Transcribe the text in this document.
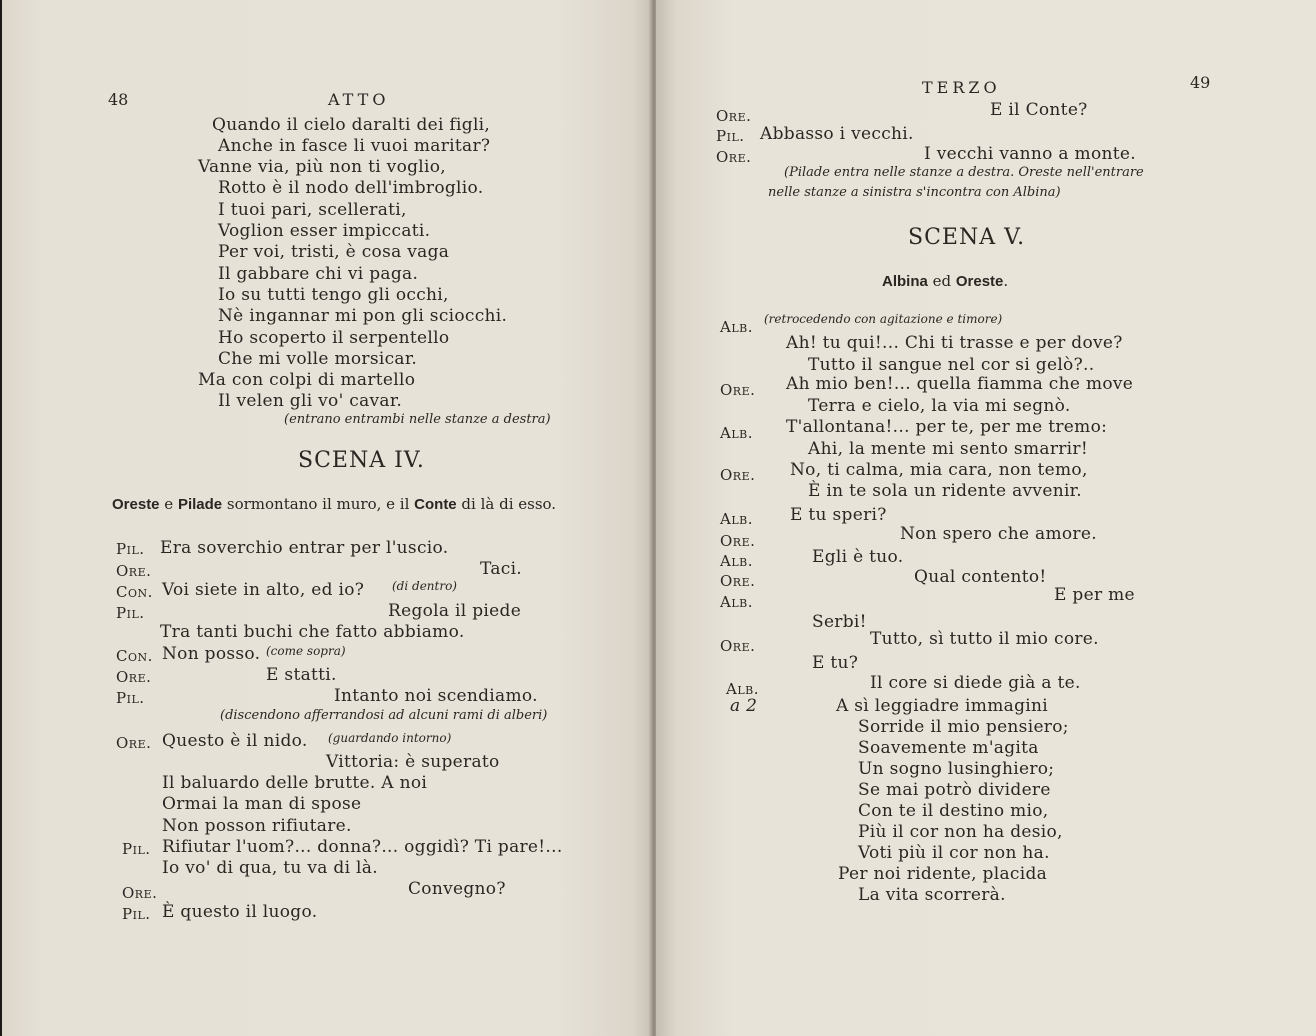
48	ATTO
Quando il cielo daralti dei figli,
Anche in fasce li vuoi maritar?
Vanne via, più non ti voglio,
Rotto è il nodo dell'imbroglio.
I tuoi pari, scellerati,
Voglion esser impiccati.
Per voi, tristi, è cosa vaga
Il gabbare chi vi paga.
Io su tutti tengo gli occhi,
Nè ingannar mi pon gli sciocchi.
Ho scoperto il serpentello
Che mi volle morsicar.
Ma con colpi di martello
Il velen gli vo' cavar.
(entrano entrambi nelle stanze a destra)
SCENA IV.
Oreste e Pilade sormontano il muro, e il Conte di là di esso.
Pil. Era soverchio entrar per l'uscio.
Ore.	Taci.
Con. Voi siete in alto, ed io? (di dentro)
Pil.	Regola il piede
Tra tanti buchi che fatto abbiamo.
Con. Non posso. (come sopra)
Ore.	E statti.
Pil.	Intanto noi scendiamo.
(discendono afferrandosi ad alcuni rami di alberi)
Ore. Questo è il nido. (guardando intorno)
Vittoria: è superato
Il baluardo delle brutte. A noi
Ormai la man di spose
Non posson rifiutare.
Pil. Rifiutar l'uom?... donna?... oggidì? Ti pare!...
Io vo' di qua, tu va di là.
Ore.	Convegno?
Pil. È questo il luogo.
TERZO	49
Ore.	E il Conte?
Pil. Abbasso i vecchi.
Ore.	I vecchi vanno a monte.
(Pilade entra nelle stanze a destra. Oreste nell'entrare
nelle stanze a sinistra s'incontra con Albina)
SCENA V.
Albina ed Oreste.
Alb. (retrocedendo con agitazione e timore)
Ah! tu qui!... Chi ti trasse e per dove?
Tutto il sangue nel cor si gelò?..
Ore. Ah mio ben!... quella fiamma che move
Terra e cielo, la via mi segnò.
Alb. T'allontana!... per te, per me tremo:
Ahi, la mente mi sento smarrir!
Ore. No, ti calma, mia cara, non temo,
È in te sola un ridente avvenir.
Alb. E tu speri?
Ore.	Non spero che amore.
Alb.	Egli è tuo.
Ore.	Qual contento!
Alb.	E per me
Serbi!
Ore.	Tutto, sì tutto il mio core.
E tu?
Alb.	Il core si diede già a te.
a 2	A sì leggiadre immagini
Sorride il mio pensiero;
Soavemente m'agita
Un sogno lusinghiero;
Se mai potrò dividere
Con te il destino mio,
Più il cor non ha desio,
Voti più il cor non ha.
Per noi ridente, placida
La vita scorrerà.
